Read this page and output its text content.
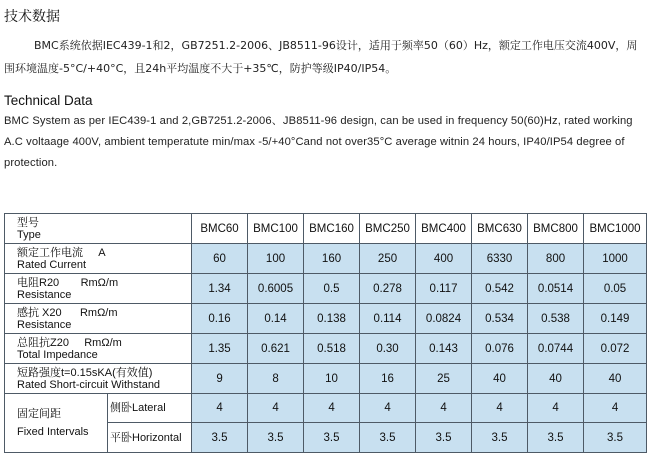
技术数据
BMC系统依据IEC439-1和2，GB7251.2-2006、JB8511-96设计，适用于频率50（60）Hz，额定工作电压交流400V，周围环境温度-5°C/+40°C，且24h平均温度不大于+35℃，防护等级IP40/IP54。
Technical Data
BMC System as per IEC439-1 and 2,GB7251.2-2006、JB8511-96 design, can be used in frequency 50(60)Hz, rated working A.C voltaage 400V, ambient temperatute min/max -5/+40°Cand not over35°C average witnin 24 hours, IP40/IP54 degree of protection.
型号
Type		BMC60	BMC100	BMC160	BMC250	BMC400	BMC630	BMC800	BMC1000

额定工作电流     A
Rated Current		60	100	160	250	400	6330	800	1000

电阻R20       RmΩ/m
Resistance		1.34	0.6005	0.5	0.278	0.117	0.542	0.0514	0.05

感抗 X20      RmΩ/m
Resistance		0.16	0.14	0.138	0.114	0.0824	0.534	0.538	0.149

总阻抗Z20     RmΩ/m
Total Impedance		1.35	0.621	0.518	0.30	0.143	0.076	0.0744	0.072

短路强度t=0.15sKA(有效值)
Rated Short-circuit Withstand		9	8	10	16	25	40	40	40

固定间距
Fixed Intervals	侧卧Lateral	4	4	4	4	4	4	4	4
	平卧Horizontal	3.5	3.5	3.5	3.5	3.5	3.5	3.5	3.5
